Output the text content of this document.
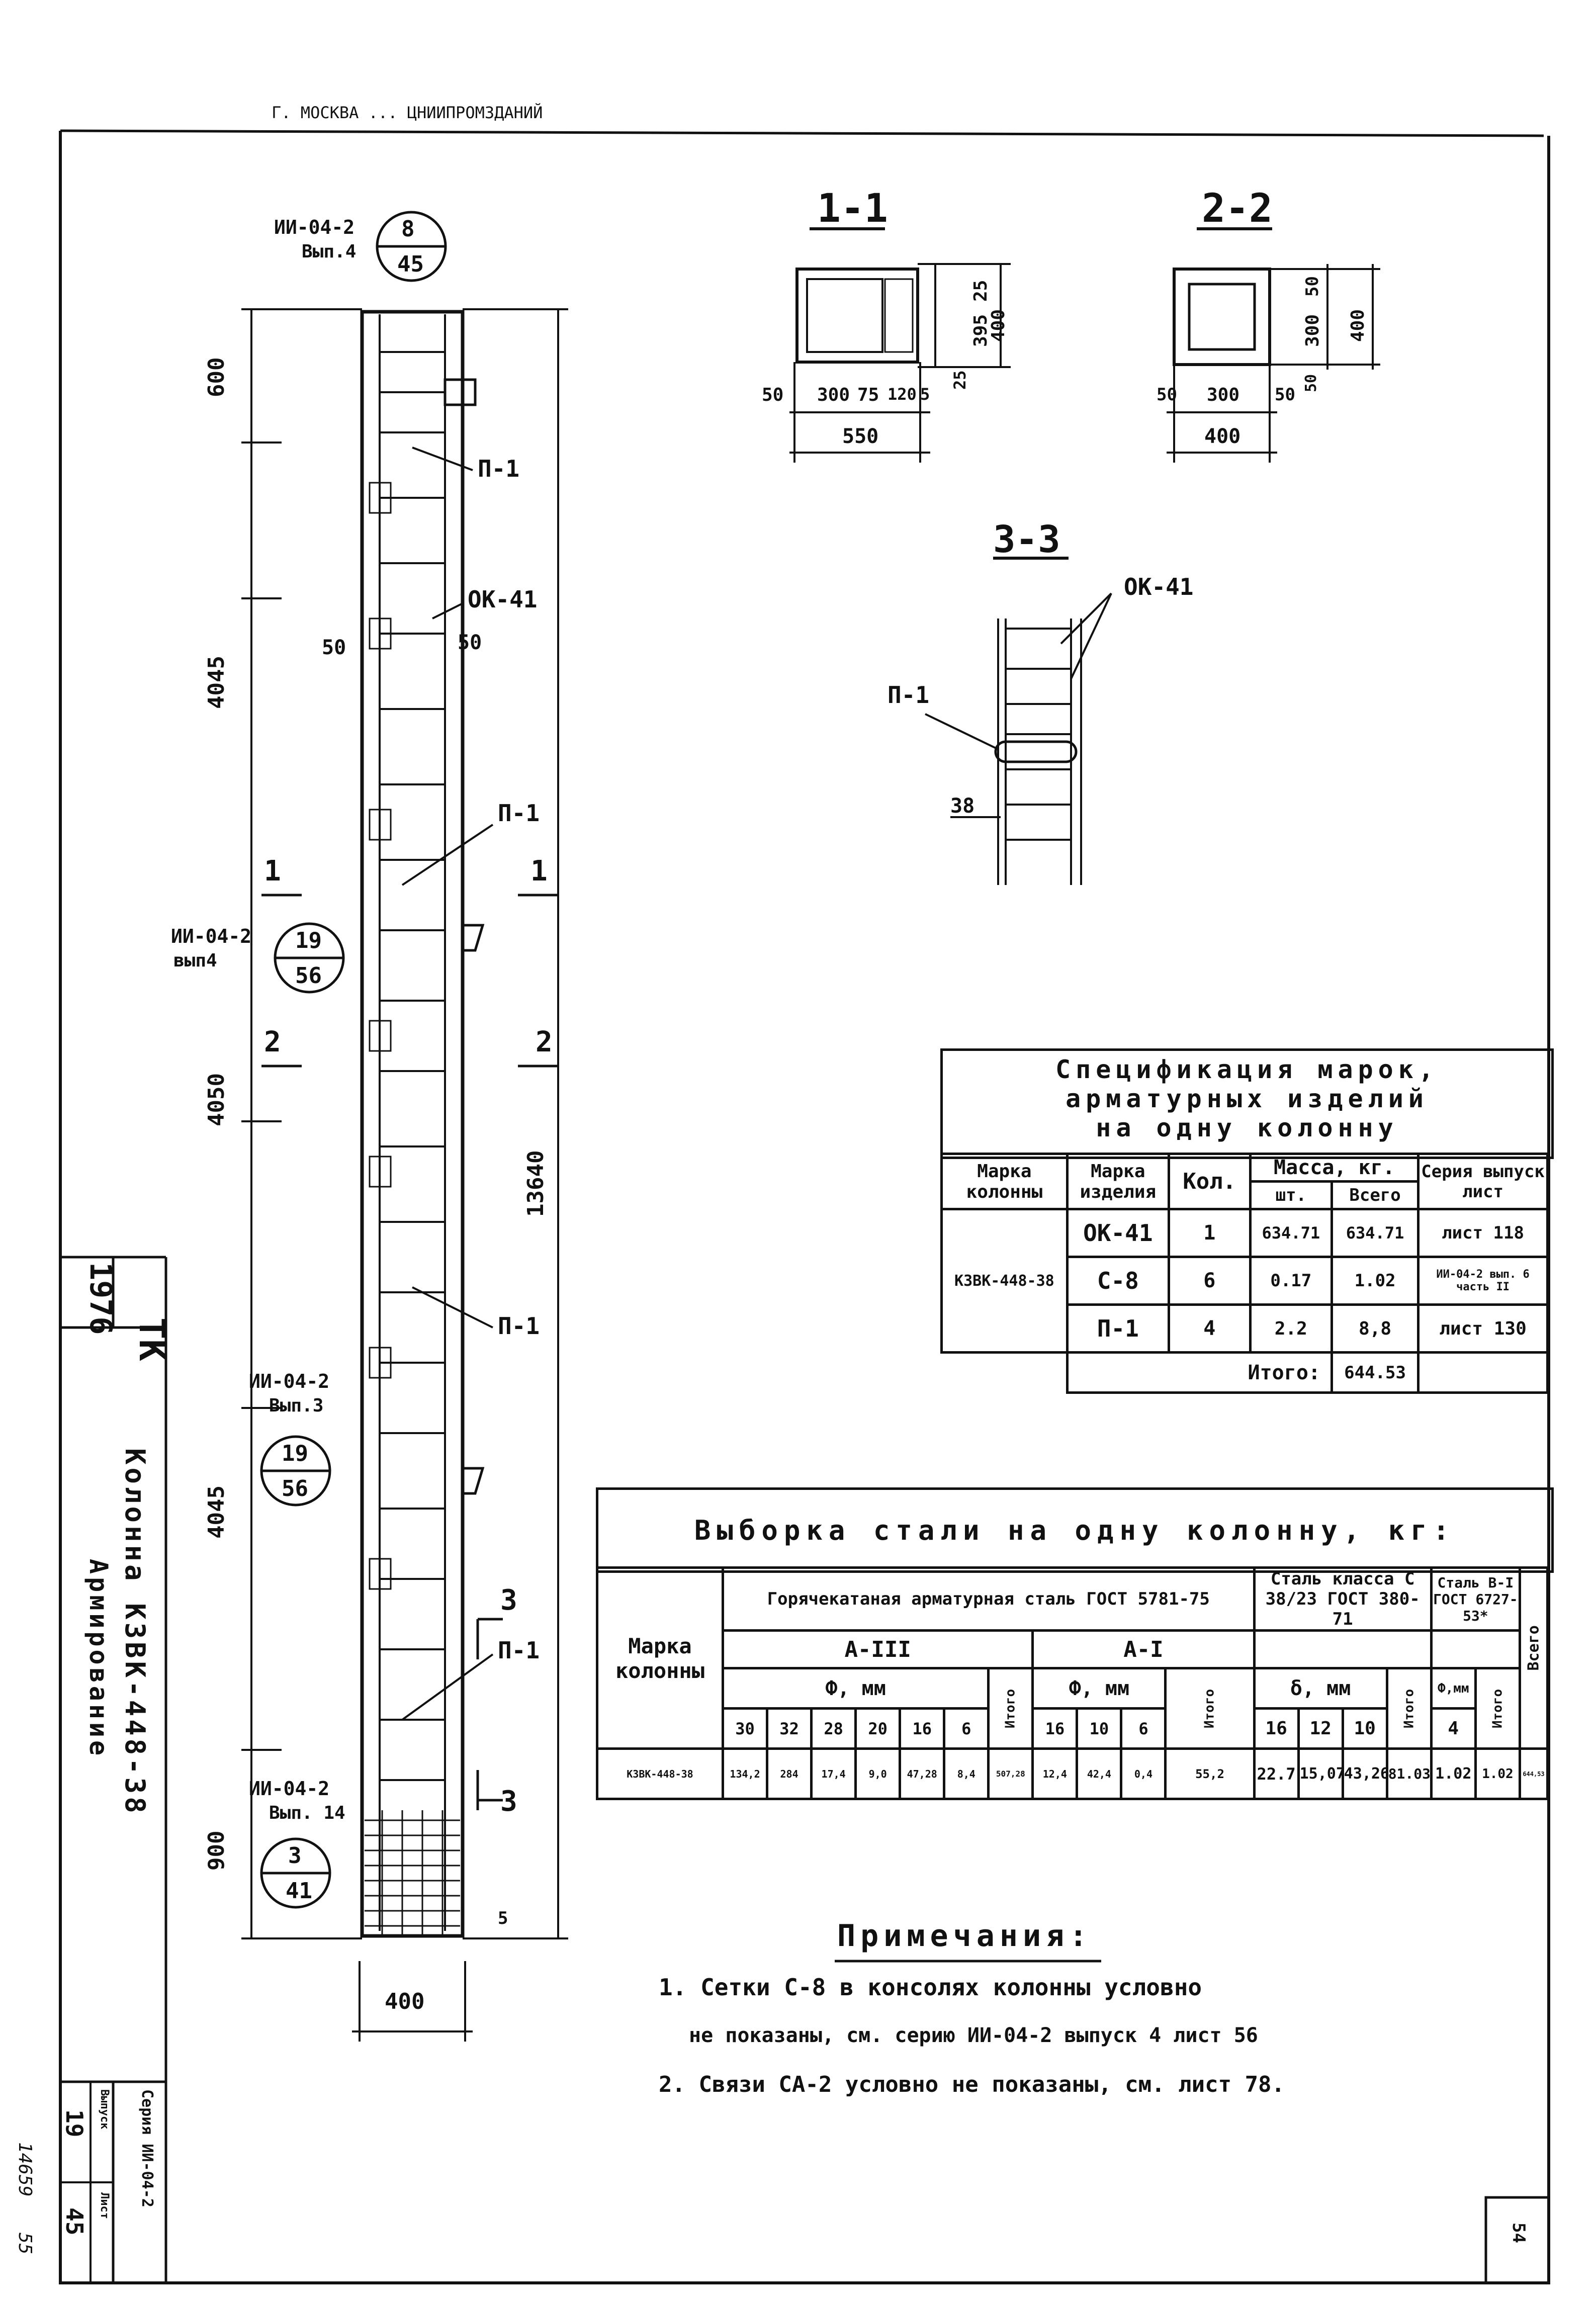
Г. МОСКВА ... ЦНИИПРОМЗДАНИЙ
1-1	2-2
3-3
25
395
400
25
50 300 75 120 5
550
50
300 400
50
50 300 50
400
ОК-41
П-1
38
600
4045
4050
4045
900
13640
400
5
П-1
ОК-41
50	50
П-1
П-1
П-1
1	1
2	2
3
3
ИИ-04-2
Вып.4
8
45
ИИ-04-2
вып4
19
56
ИИ-04-2
Вып.3
19
56
ИИ-04-2
Вып. 14
3
41
Спецификация марок,
арматурных изделий
на одну колонну
Марка колонны	Марка изделия	Кол.	Масса, кг.		Серия выпуск лист
			шт.	Всего	
К3ВК-448-38	ОК-41	1	634.71	634.71	лист 118
	С-8	6	0.17	1.02	ИИ-04-2 вып. 6 часть II
	П-1	4	2.2	8,8	лист 130
	Итого:			644.53	
Выборка стали на одну колонну, кг:
Марка колонны	Горячекатаная арматурная сталь ГОСТ 5781-75											Сталь класса С 38/23 ГОСТ 380-71				Сталь В-I ГОСТ 6727-53*		Всего

	А-III							А-I										
	Ф, мм						Итого	Ф, мм			Итого	δ, мм			Итого	Ф,мм	Итого	

	30	32	28	20	16	6		16	10	6		16	12	10		4		
К3ВК-448-38	134,2	284	17,4	9,0	47,28	8,4	507,28	12,4	42,4	0,4	55,2	22.7	15,07	43,26	81.03	1.02	1.02	644,53
Примечания:
1. Сетки С-8 в консолях колонны условно
не показаны, см. серию ИИ-04-2 выпуск 4 лист 56
2. Связи СА-2 условно не показаны, см. лист 78.
ТК
1976
Колонна К3ВК-448-38
Армирование
Серия ИИ-04-2
Выпуск
Лист
19
45
14659
55	54
